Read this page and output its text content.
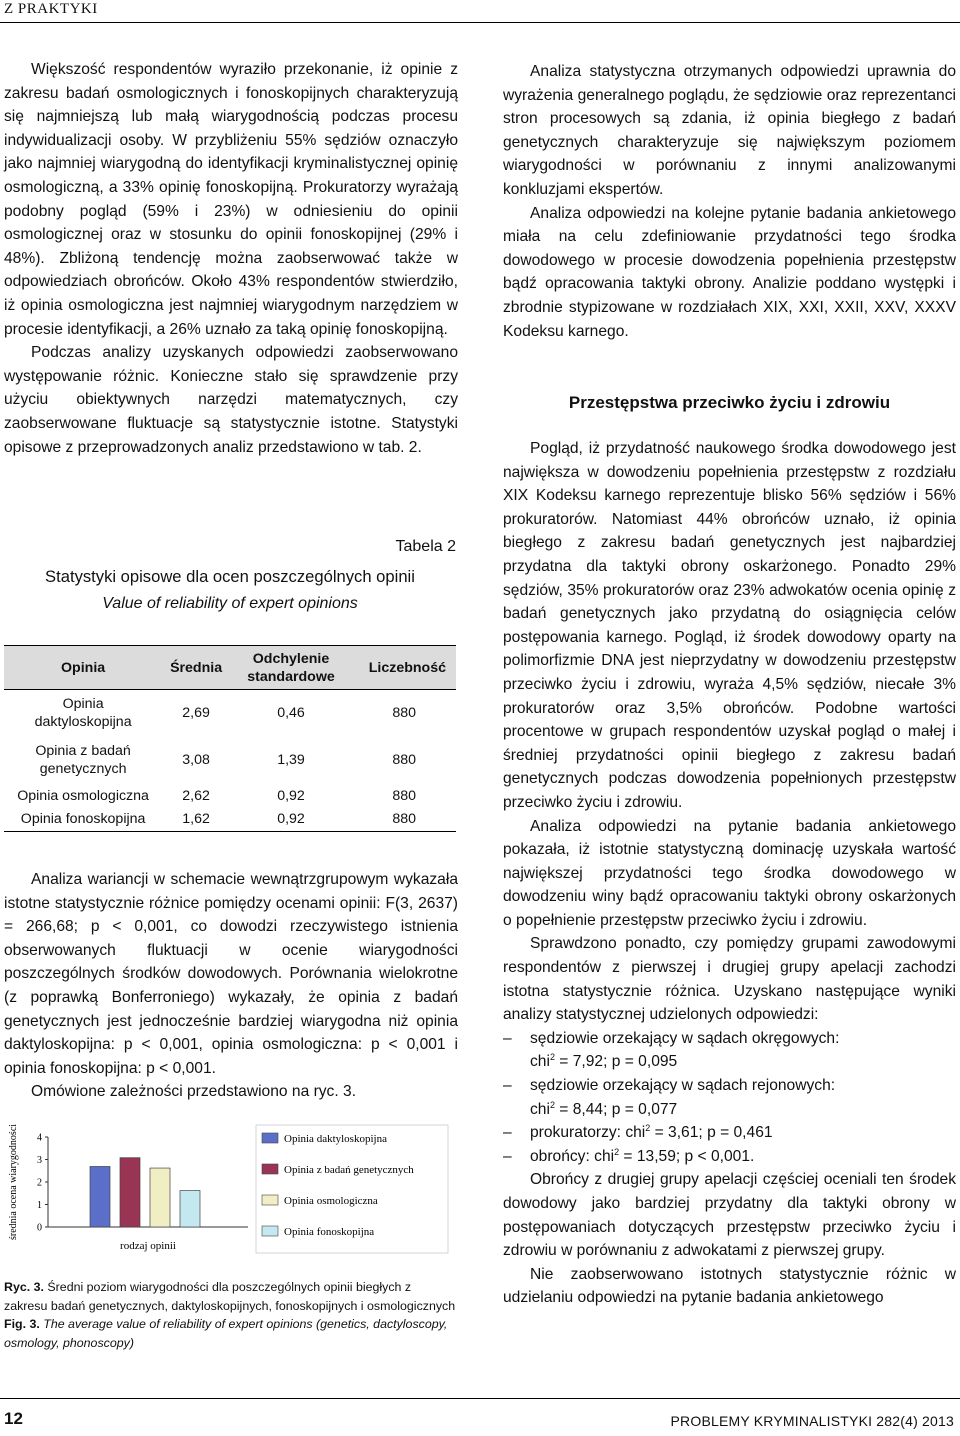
Z PRAKTYKI

Większość respondentów wyraziło przekonanie, iż opinie z zakresu badań osmologicznych i fonoskopijnych charakteryzują się najmniejszą lub małą wiarygodnością podczas procesu indywidualizacji osoby. W przybliżeniu 55% sędziów oznaczyło jako najmniej wiarygodną do identyfikacji kryminalistycznej opinię osmologiczną, a 33% opinię fonoskopijną. Prokuratorzy wyrażają podobny pogląd (59% i 23%) w odniesieniu do opinii osmologicznej oraz w stosunku do opinii fonoskopijnej (29% i 48%). Zbliżoną tendencję można zaobserwować także w odpowiedziach obrońców. Około 43% respondentów stwierdziło, iż opinia osmologiczna jest najmniej wiarygodnym narzędziem w procesie identyfikacji, a 26% uznało za taką opinię fonoskopijną.

Podczas analizy uzyskanych odpowiedzi zaobserwowano występowanie różnic. Konieczne stało się sprawdzenie przy użyciu obiektywnych narzędzi matematycznych, czy zaobserwowane fluktuacje są statystycznie istotne. Statystyki opisowe z przeprowadzonych analiz przedstawiono w tab. 2.

Tabela 2
Statystyki opisowe dla ocen poszczególnych opinii
Value of reliability of expert opinions
Opinia	Średnia	Odchylenie standardowe	Liczebność
Opinia daktyloskopijna	2,69	0,46	880
Opinia z badań genetycznych	3,08	1,39	880
Opinia osmologiczna	2,62	0,92	880
Opinia fonoskopijna	1,62	0,92	880

Analiza wariancji w schemacie wewnątrzgrupowym wykazała istotne statystycznie różnice pomiędzy ocenami opinii: F(3, 2637) = 266,68; p < 0,001, co dowodzi rzeczywistego istnienia obserwowanych fluktuacji w ocenie wiarygodności poszczególnych środków dowodowych. Porównania wielokrotne (z poprawką Bonferroniego) wykazały, że opinia z badań genetycznych jest jednocześnie bardziej wiarygodna niż opinia daktyloskopijna: p < 0,001, opinia osmologiczna: p < 0,001 i opinia fonoskopijna: p < 0,001.

Omówione zależności przedstawiono na ryc. 3.

średnia ocena wiarygodności 0
1
2
3
4
rodzaj opinii
Opinia daktyloskopijna
Opinia z badań genetycznych
Opinia osmologiczna
Opinia fonoskopijna
Ryc. 3. Średni poziom wiarygodności dla poszczególnych opinii biegłych z zakresu badań genetycznych, daktyloskopijnych, fonoskopijnych i osmologicznych
Fig. 3. The average value of reliability of expert opinions (genetics, dactyloscopy, osmology, phonoscopy)

Analiza statystyczna otrzymanych odpowiedzi uprawnia do wyrażenia generalnego poglądu, że sędziowie oraz reprezentanci stron procesowych są zdania, iż opinia biegłego z badań genetycznych charakteryzuje się największym poziomem wiarygodności w porównaniu z innymi analizowanymi konkluzjami ekspertów.

Analiza odpowiedzi na kolejne pytanie badania ankietowego miała na celu zdefiniowanie przydatności tego środka dowodowego w procesie dowodzenia popełnienia przestępstw bądź opracowania taktyki obrony. Analizie poddano występki i zbrodnie stypizowane w rozdziałach XIX, XXI, XXII, XXV, XXXV Kodeksu karnego.

Przestępstwa przeciwko życiu i zdrowiu

Pogląd, iż przydatność naukowego środka dowodowego jest największa w dowodzeniu popełnienia przestępstw z rozdziału XIX Kodeksu karnego reprezentuje blisko 56% sędziów i 56% prokuratorów. Natomiast 44% obrońców uznało, iż opinia biegłego z zakresu badań genetycznych jest najbardziej przydatna dla taktyki obrony oskarżonego. Ponadto 29% sędziów, 35% prokuratorów oraz 23% adwokatów ocenia opinię z badań genetycznych jako przydatną do osiągnięcia celów postępowania karnego. Pogląd, iż środek dowodowy oparty na polimorfizmie DNA jest nieprzydatny w dowodzeniu przestępstw przeciwko życiu i zdrowiu, wyraża 4,5% sędziów, niecałe 3% prokuratorów oraz 3,5% obrońców. Podobne wartości procentowe w grupach respondentów uzyskał pogląd o małej i średniej przydatności opinii biegłego z zakresu badań genetycznych podczas dowodzenia popełnionych przestępstw przeciwko życiu i zdrowiu.

Analiza odpowiedzi na pytanie badania ankietowego pokazała, iż istotnie statystyczną dominację uzyskała wartość największej przydatności tego środka dowodowego w dowodzeniu winy bądź opracowaniu taktyki obrony oskarżonych o popełnienie przestępstw przeciwko życiu i zdrowiu.

Sprawdzono ponadto, czy pomiędzy grupami zawodowymi respondentów z pierwszej i drugiej grupy apelacji zachodzi istotna statystycznie różnica. Uzyskano następujące wyniki analizy statystycznej udzielonych odpowiedzi:

– sędziowie orzekający w sądach okręgowych:
chi$^2$ = 7,92; p = 0,095
– sędziowie orzekający w sądach rejonowych:
chi$^2$ = 8,44; p = 0,077
– prokuratorzy: chi$^2$ = 3,61; p = 0,461
– obrońcy: chi$^2$ = 13,59; p < 0,001.

Obrońcy z drugiej grupy apelacji częściej oceniali ten środek dowodowy jako bardziej przydatny dla taktyki obrony w postępowaniach dotyczących przestępstw przeciwko życiu i zdrowiu w porównaniu z adwokatami z pierwszej grupy.

Nie zaobserwowano istotnych statystycznie różnic w udzielaniu odpowiedzi na pytanie badania ankietowego

12	PROBLEMY KRYMINALISTYKI 282(4) 2013
